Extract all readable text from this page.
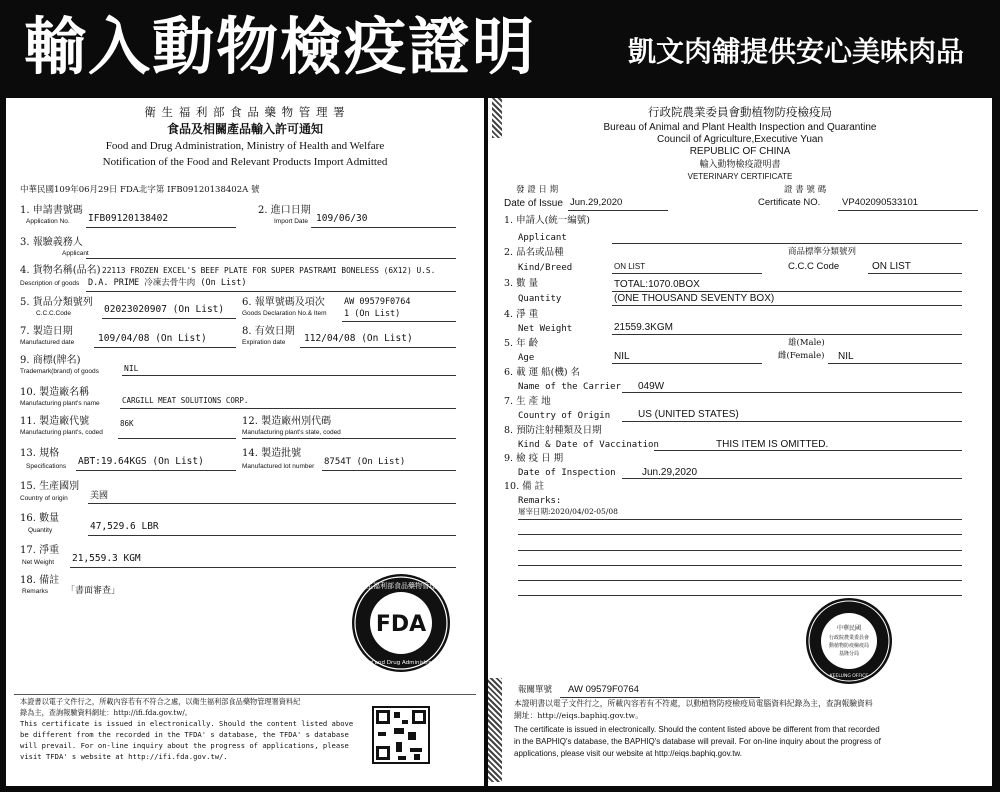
輸入動物檢疫證明	凱文肉舖提供安心美味肉品
衛 生 福 利 部 食 品 藥 物 管 理 署
食品及相關產品輸入許可通知
Food and Drug Administration, Ministry of Health and Welfare
Notification of the Food and Relevant Products Import Admitted
中華民國109年06月29日 FDA北字第 IFB09120138402A 號
1. 申請書號碼
Application No. IFB09120138402
2. 進口日期
Import Date 109/06/30
3. 報驗義務人
Applicant
4. 貨物名稱(品名) 22113 FROZEN EXCEL'S BEEF PLATE FOR SUPER PASTRAMI BONELESS (6X12) U.S.
Description of goods D.A. PRIME 冷凍去骨牛肉 (On List)
5. 貨品分類號列
C.C.C.Code	02023020907 (On List)
6. 報單號碼及項次
Goods Declaration No.& Item
AW 09579F0764
1 (On List)
7. 製造日期
Manufactured date	109/04/08 (On List)
8. 有效日期
Expiration date 112/04/08 (On List)
9. 商標(牌名)
Trademark(brand) of goods	NIL
10. 製造廠名稱
Manufacturing plant's name	CARGILL MEAT SOLUTIONS CORP.
11. 製造廠代號
Manufacturing plant's, coded
86K	12. 製造廠州別代碼
Manufacturing plant's state, coded
13. 規格
Specifications ABT:19.64KGS (On List)
14. 製造批號
Manufactured lot number 8754T (On List)
15. 生產國別
Country of origin 美國
16. 數量
Quantity	47,529.6 LBR
17. 淨重
Net Weight 21,559.3 KGM
18. 備註
Remarks 「書面審查」
FDA
衛生福利部食品藥物管理署
Food and Drug Administration
本證書以電子文件行之，所載內容若有不符合之處，以衛生福利部食品藥物管理署資料紀
錄為主，查詢報驗資料網址：http://ifi.fda.gov.tw/。
This certificate is issued in electronically. Should the content listed above
be different from the recorded in the TFDA' s database, the TFDA' s database
will prevail. For on-line inquiry about the progress of applications, please
visit TFDA' s website at http://ifi.fda.gov.tw/.
行政院農業委員會動植物防疫檢疫局
Bureau of Animal and Plant Health Inspection and Quarantine
Council of Agriculture,Executive Yuan
REPUBLIC OF CHINA
輸入動物檢疫證明書
VETERINARY CERTIFICATE
發 證 日 期
Date of Issue Jun.29,2020
證 書 號 碼
Certificate NO. VP402090533101
1. 申請人(統一編號)
Applicant
2. 品名或品種
Kind/Breed	ON LIST
商品標準分類號列
C.C.C Code	ON LIST
3. 數 量	TOTAL:1070.0BOX
Quantity	(ONE THOUSAND SEVENTY BOX)
4. 淨 重
Net Weight	21559.3KGM
5. 年 齡
Age	NIL
雄(Male)
雌(Female) NIL
6. 載 運 船(機) 名
Name of the Carrier 049W
7. 生 產 地
Country of Origin	US (UNITED STATES)
8. 預防注射種類及日期
Kind & Date of Vaccination	THIS ITEM IS OMITTED.
9. 檢 疫 日 期
Date of Inspection	Jun.29,2020
10. 備 註
Remarks:
屠宰日期:2020/04/02-05/08
中華民國
行政院農業委員會
動植物防疫檢疫局
基隆分局
KEELUNG OFFICE
報關單號 AW 09579F0764
本證明書以電子文件行之，所載內容若有不符處，以動植物防疫檢疫局電腦資料紀錄為主，查詢報驗資料
網址：http://eiqs.baphiq.gov.tw。
The certificate is issued in electronically. Should the content listed above be different from that recorded
in the BAPHIQ's database, the BAPHIQ's database will prevail. For on-line inquiry about the progress of
applications, please visit our website at http://eiqs.baphiq.gov.tw.
